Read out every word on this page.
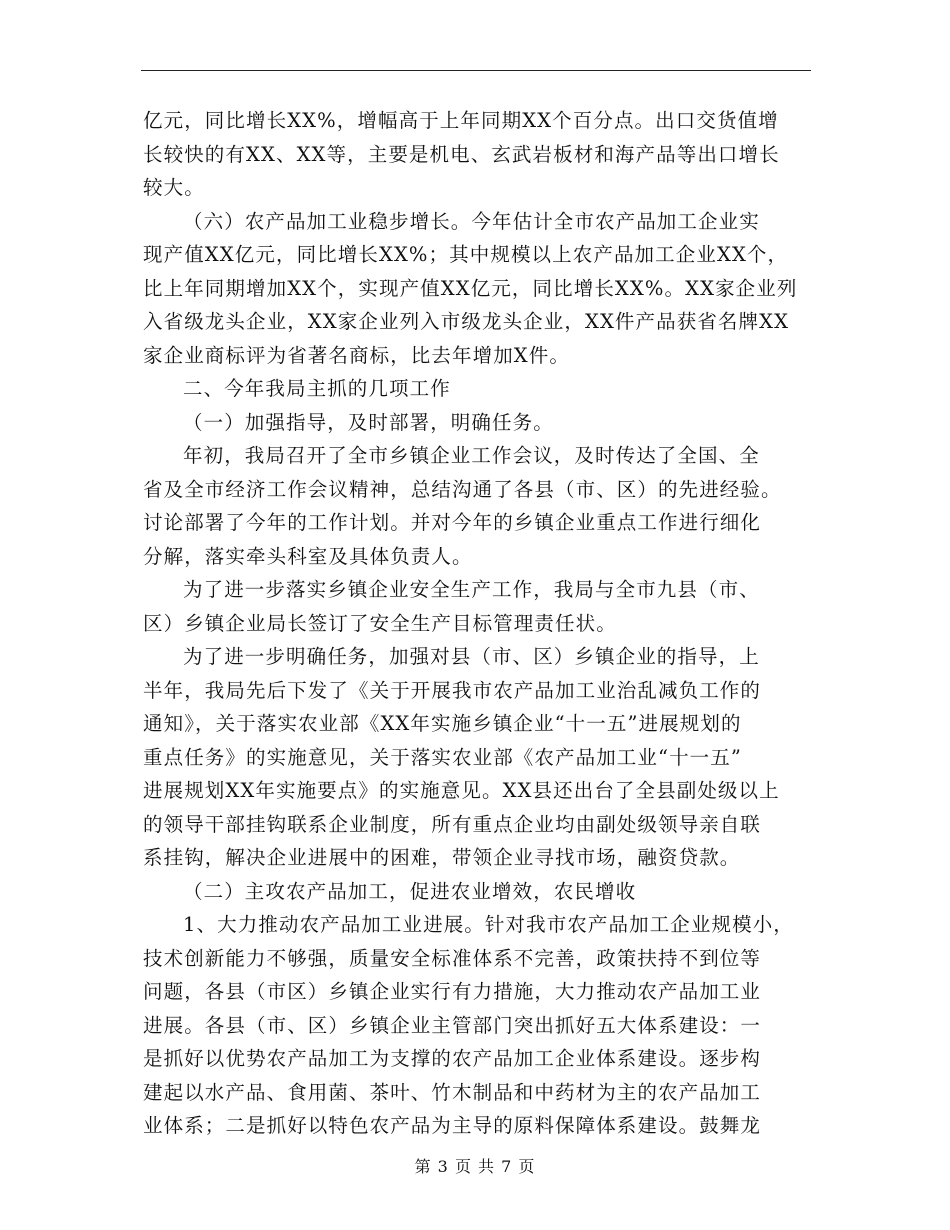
亿元，同比增长XX%，增幅高于上年同期XX个百分点。出口交货值增
长较快的有XX、XX等，主要是机电、玄武岩板材和海产品等出口增长
较大。
（六）农产品加工业稳步增长。今年估计全市农产品加工企业实
现产值XX亿元，同比增长XX%；其中规模以上农产品加工企业XX个，
比上年同期增加XX个，实现产值XX亿元，同比增长XX%。XX家企业列
入省级龙头企业，XX家企业列入市级龙头企业，XX件产品获省名牌XX
家企业商标评为省著名商标，比去年增加X件。
二、今年我局主抓的几项工作
（一）加强指导，及时部署，明确任务。
年初，我局召开了全市乡镇企业工作会议，及时传达了全国、全
省及全市经济工作会议精神，总结沟通了各县（市、区）的先进经验。
讨论部署了今年的工作计划。并对今年的乡镇企业重点工作进行细化
分解，落实牵头科室及具体负责人。
为了进一步落实乡镇企业安全生产工作，我局与全市九县（市、
区）乡镇企业局长签订了安全生产目标管理责任状。
为了进一步明确任务，加强对县（市、区）乡镇企业的指导，上
半年，我局先后下发了《关于开展我市农产品加工业治乱减负工作的
通知》，关于落实农业部《XX年实施乡镇企业“十一五”进展规划的
重点任务》的实施意见，关于落实农业部《农产品加工业“十一五”
进展规划XX年实施要点》的实施意见。XX县还出台了全县副处级以上
的领导干部挂钩联系企业制度，所有重点企业均由副处级领导亲自联
系挂钩，解决企业进展中的困难，带领企业寻找市场，融资贷款。
（二）主攻农产品加工，促进农业增效，农民增收
1、大力推动农产品加工业进展。针对我市农产品加工企业规模小，
技术创新能力不够强，质量安全标准体系不完善，政策扶持不到位等
问题，各县（市区）乡镇企业实行有力措施，大力推动农产品加工业
进展。各县（市、区）乡镇企业主管部门突出抓好五大体系建设：一
是抓好以优势农产品加工为支撑的农产品加工企业体系建设。逐步构
建起以水产品、食用菌、茶叶、竹木制品和中药材为主的农产品加工
业体系；二是抓好以特色农产品为主导的原料保障体系建设。鼓舞龙
第 3 页 共 7 页
